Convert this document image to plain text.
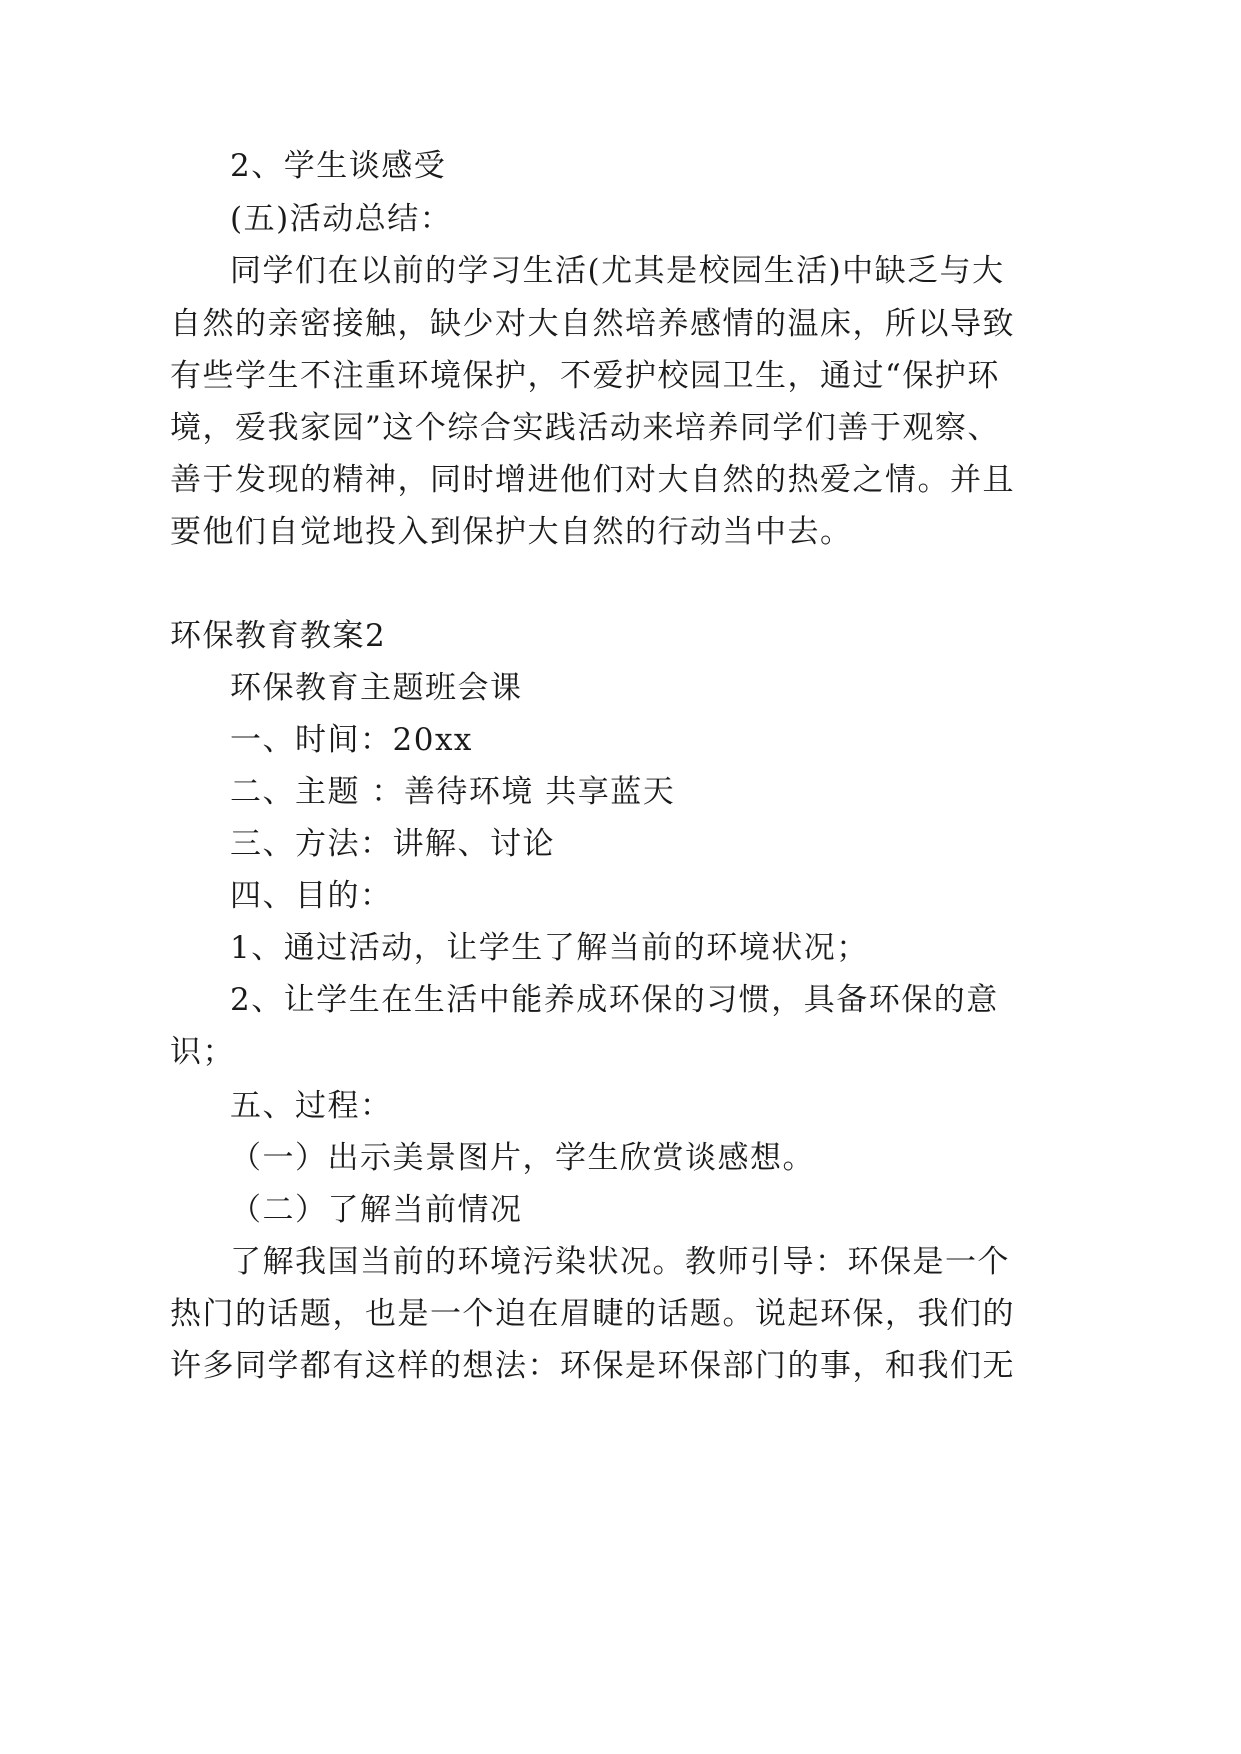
2、学生谈感受
(五)活动总结：
同学们在以前的学习生活(尤其是校园生活)中缺乏与大
自然的亲密接触，缺少对大自然培养感情的温床，所以导致
有些学生不注重环境保护，不爱护校园卫生，通过“保护环
境，爱我家园”这个综合实践活动来培养同学们善于观察、
善于发现的精神，同时增进他们对大自然的热爱之情。并且
要他们自觉地投入到保护大自然的行动当中去。
环保教育教案2
环保教育主题班会课
一、时间：20xx
二、主题 ：善待环境 共享蓝天
三、方法：讲解、讨论
四、目的：
1、通过活动，让学生了解当前的环境状况；
2、让学生在生活中能养成环保的习惯，具备环保的意
识；
五、过程：
（一）出示美景图片，学生欣赏谈感想。
（二）了解当前情况
了解我国当前的环境污染状况。教师引导：环保是一个
热门的话题，也是一个迫在眉睫的话题。说起环保，我们的
许多同学都有这样的想法：环保是环保部门的事，和我们无
